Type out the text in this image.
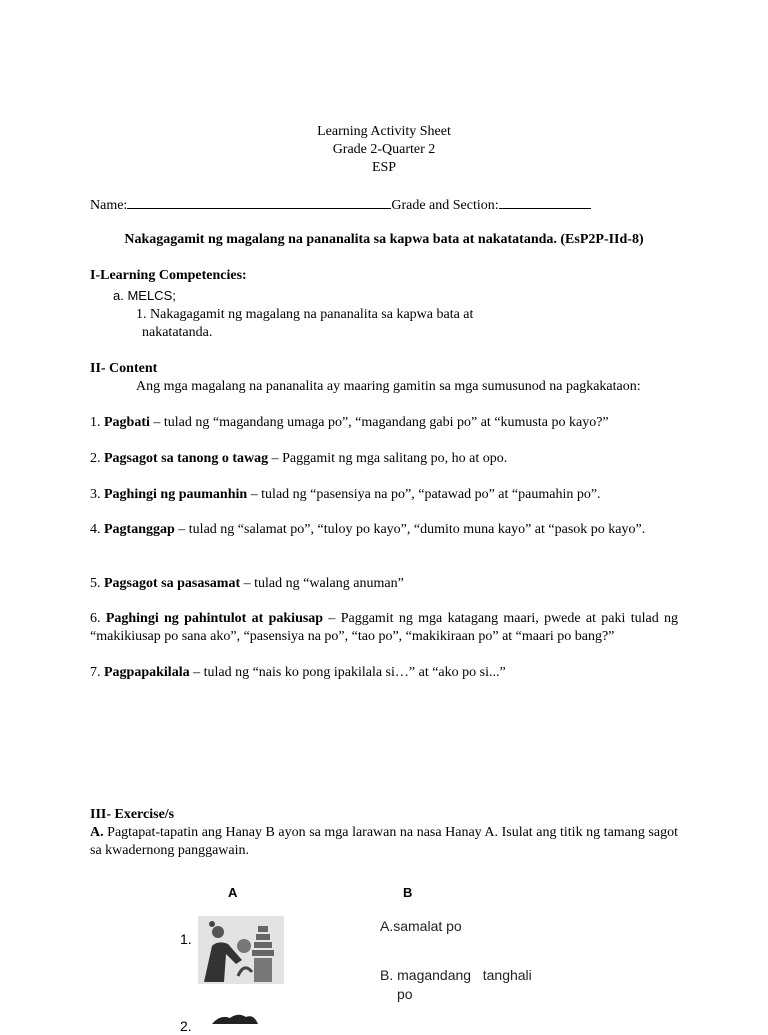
Learning Activity Sheet
Grade 2-Quarter 2
ESP
Name:	Grade and Section:
Nakagagamit ng magalang na pananalita sa kapwa bata at nakatatanda. (EsP2P-IId-8)
I-Learning Competencies:
a. MELCS;
1. Nakagagamit ng magalang na pananalita sa kapwa bata at
nakatatanda.
II- Content
Ang mga magalang na pananalita ay maaring gamitin sa mga sumusunod na pagkakataon:
1. Pagbati – tulad ng “magandang umaga po”, “magandang gabi po” at “kumusta po kayo?”
2. Pagsagot sa tanong o tawag – Paggamit ng mga salitang po, ho at opo.
3. Paghingi ng paumanhin – tulad ng “pasensiya na po”, “patawad po” at “paumahin po”.
4. Pagtanggap – tulad ng “salamat po”, “tuloy po kayo”, “dumito muna kayo” at “pasok po kayo”.
5. Pagsagot sa pasasamat – tulad ng “walang anuman”
6. Paghingi ng pahintulot at pakiusap – Paggamit ng mga katagang maari, pwede at paki tulad ng “makikiusap po sana ako”, “pasensiya na po”, “tao po”, “makikiraan po” at “maari po bang?”
7. Pagpapakilala – tulad ng “nais ko pong ipakilala si…” at “ako po si...”
III- Exercise/s
A. Pagtapat-tapatin ang Hanay B ayon sa mga larawan na nasa Hanay A. Isulat ang titik ng tamang sagot sa kwadernong panggawain.
A	B
1.
2.
A.samalat po
B. magandang   tanghali
po
